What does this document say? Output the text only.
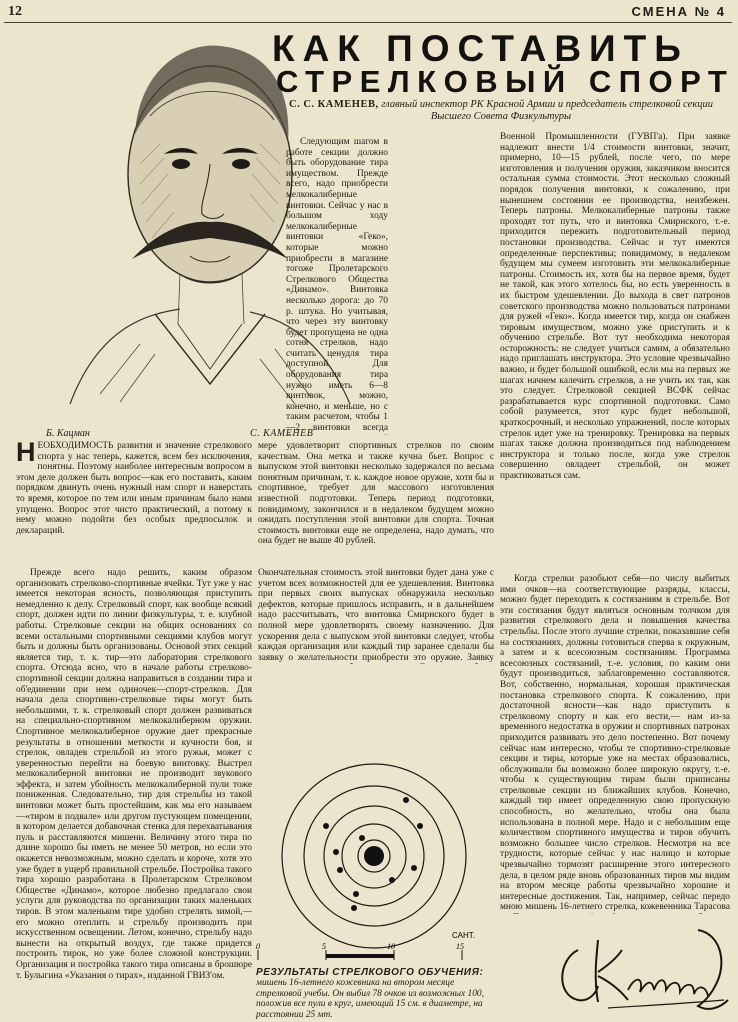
12	СМЕНА № 4
КАК ПОСТАВИТЬ
СТРЕЛКОВЫЙ СПОРТ
С. С. КАМЕНЕВ, главный инспектор РК Красной Армии и председатель стрелковой секции Высшего Совета Физкультуры

Следующим шагом в работе секции должно быть оборудование тира имуществом. Прежде всего, надо приобрести мелкокалиберные винтовки. Сейчас у нас в большом ходу мелкокалиберные винтовки «Геко», которые можно приобрести в магазине тогоже Пролетарского Стрелкового Общества «Динамо». Винтовка несколько дорога: до 70 р. штука. Но учитывая, что через эту винтовку будет пропущена не одна сотня стрелков, надо считать ценудля тира доступной. Для оборудования тира нужно иметь 6—8 винтовок, можно, конечно, и меньше, но с таким расчетом, чтобы 1—2 винтовки всегда

Б. Кацман	С. КАМЕНЕВ

НЕОБХОДИМОСТЬ развития и значение стрелкового спорта у нас теперь, кажется, всем без исключения, понятны. Поэтому наиболее интересным вопросом в этом деле должен быть вопрос—как его поставить, каким порядком двинуть очень нужный нам спорт и наверстать то время, которое по тем или иным причинам было нами упущено. Вопрос этот чисто практический, а потому к нему можно подойти без особых предпосылок и деклараций.

мере удовлетворит спортивных стрелков по своим качествам. Она метка и также кучна бьет. Вопрос с выпуском этой винтовки несколько задержался по весьма понятным причинам, т. к. каждое новое оружие, хотя бы и спортивное, требует для массового изготовления известной подготовки. Теперь период подготовки, повидимому, закончился и в недалеком будущем можно ожидать поступления этой винтовки для спорта. Точная стоимость винтовки еще не определена, надо думать, что она будет не выше 40 рублей.

Прежде всего надо решить, каким образом организовать стрелково-спортивные ячейки. Тут уже у нас имеется некоторая ясность, позволяющая приступить немедленно к делу. Стрелковый спорт, как вообще всякий спорт, должен идти по линии физкультуры, т. е. клубной работы. Стрелковые секции на общих основаниях со всеми остальными спортивными секциями клубов могут быть и должны быть организованы. Основой этих секций является тир, т. к. тир—это лаборатория стрелкового спорта. Отсюда ясно, что в начале работы стрелково-спортивной секции должна направиться в создании тира и об'единении при нем одиночек—спорт-стрелков. Для начала дела спортивно-стрелковые тиры могут быть небольшими, т. к. стрелковый спорт должен развиваться на специально-спортивном мелкокалиберном оружии. Спортивное мелкокалиберное оружие дает прекрасные результаты в отношении меткости и кучности боя, и стрелок, овладев стрельбой из этого ружья, может с уверенностью перейти на боевую винтовку. Выстрел мелкокалиберной винтовки не производит звукового эффекта, и затем убойность мелкокалиберной пули тоже пониженная. Следовательно, тир для стрельбы из такой винтовки может быть простейшим, как мы его называем—«тиром в подвале» или другом пустующем помещении, в котором делается добавочная стенка для перехватывания пуль и расставляются мишени. Величину этого тира по длине хорошо бы иметь не менее 50 метров, но если это окажется невозможным, можно сделать и короче, хотя это уже будет в ущерб правильной стрельбе. Постройка такого тира хорошо разработана в Пролетарском Стрелковом Обществе «Динамо», которое любезно предлагало свои услуги для руководства по организации таких маленьких тиров. В этом маленьком тире удобно стрелять зимой,—его можно отеплить и стрельбу производить при искусственном освещении. Летом, конечно, стрельбу надо вынести на открытый воздух, где также придется построить тирок, но уже более сложной конструкции. Организация и постройка такого тира описаны в брошюре т. Булыгина «Указания о тирах», изданной ГВИЗ'ом.

Окончательная стоимость этой винтовки будет дана уже с учетом всех возможностей для ее удешевления. Винтовка при первых своих выпусках обнаружила несколько дефектов, которые пришлось исправить, и в дальнейшем надо рассчитывать, что винтовка Смирнского будет в полной мере удовлетворять своему назначению. Для ускорения дела с выпуском этой винтовки следует, чтобы каждая организация или каждый тир заранее сделали бы заявку о желательности приобрести это оружие. Заявку

Военной Промышленности (ГУВП'а). При заявке надлежит внести 1/4 стоимости винтовки, значит, примерно, 10—15 рублей, после чего, по мере изготовления и получения оружия, заказчиком вносится остальная сумма стоимости. Этот несколько сложный порядок получения винтовки, к сожалению, при нынешнем состоянии ее производства, неизбежен. Теперь патроны. Мелкокалиберные патроны также проходят тот путь, что и винтовка Смирнского, т.-е. приходится пережить подготовительный период постановки производства. Сейчас и тут имеются определенные перспективы; повидимому, в недалеком будущем мы сумеем изготовить эти мелкокалиберные патроны. Стоимость их, хотя бы на первое время, будет не такой, как этого хотелось бы, но есть уверенность в их быстром удешевлении. До выхода в свет патронов советского производства можно пользоваться патронами для ружей «Геко». Когда имеется тир, когда он снабжен тировым имуществом, можно уже приступить и к обучению стрельбе. Вот тут необходима некоторая осторожность: не следует учиться самим, а обязательно надо приглашать инструктора. Это условие чрезвычайно важно, и будет большой ошибкой, если мы на первых же шагах начнем калечить стрелков, а не учить их так, как это следует. Стрелковой секцией ВСФК сейчас разрабатывается курс спортивной подготовки. Само собой разумеется, этот курс будет небольшой, краткосрочный, и несколько упражнений, после которых стрелок идет уже на тренировку. Тренировка на первых шагах также должна производиться под наблюдением инструктора и только после, когда уже стрелок совершенно овладеет стрельбой, он может практиковаться сам.

Когда стрелки разобьют себя—по числу выбитых ими очков—на соответствующие разряды, классы, можно будет переходить к состязаниям в стрельбе. Вот эти состязания будут являться основным толчком для развития стрелкового дела и повышения качества стрельбы. После этого лучшие стрелки, показавшие себя на состязаниях, должны готовиться сперва к окружным, а затем и к всесоюзным состязаниям. Программа всесоюзных состязаний, т.-е. условия, по каким они будут производиться, заблаговременно составляются. Вот, собственно, нормальная, хорошая практическая постановка стрелкового спорта. К сожалению, при достаточной ясности—как надо приступить к стрелковому спорту и как его вести,— нам из-за временного недостатка в оружии и спортивных патронах приходится развивать это дело постепенно. Вот почему сейчас нам интересно, чтобы те спортивно-стрелковые секции и тиры, которые уже на местах образовались, обслуживали бы возможно более широкую округу, т.-е. чтобы к существующим тирам были приписаны стрелковые секции из ближайших клубов. Конечно, каждый тир имеет определенную свою пропускную способность, но желательно, чтобы она была использована в полной мере. Надо и с небольшим еще количеством спортивного имущества и тиров обучить возможно большее число стрелков. Несмотря на все трудности, которые сейчас у нас налицо и которые чрезвычайно тормозят расширение этого интересного дела, в целом ряде вновь образованных тиров мы видим на втором месяце работы чрезвычайно хорошие и интересные достижения. Так, например, сейчас передо мною мишень 16-летнего стрелка, кожевенника Тарасова

0	5	10	15
САНТ.
РЕЗУЛЬТАТЫ СТРЕЛКОВОГО ОБУЧЕНИЯ: мишень 16-летнего кожевника на втором месяце стрелковой учебы. Он выбил 78 очков из возможных 100, положив все пули в круг, имеющий 15 см. в диаметре, на расстоянии 25 мт.
